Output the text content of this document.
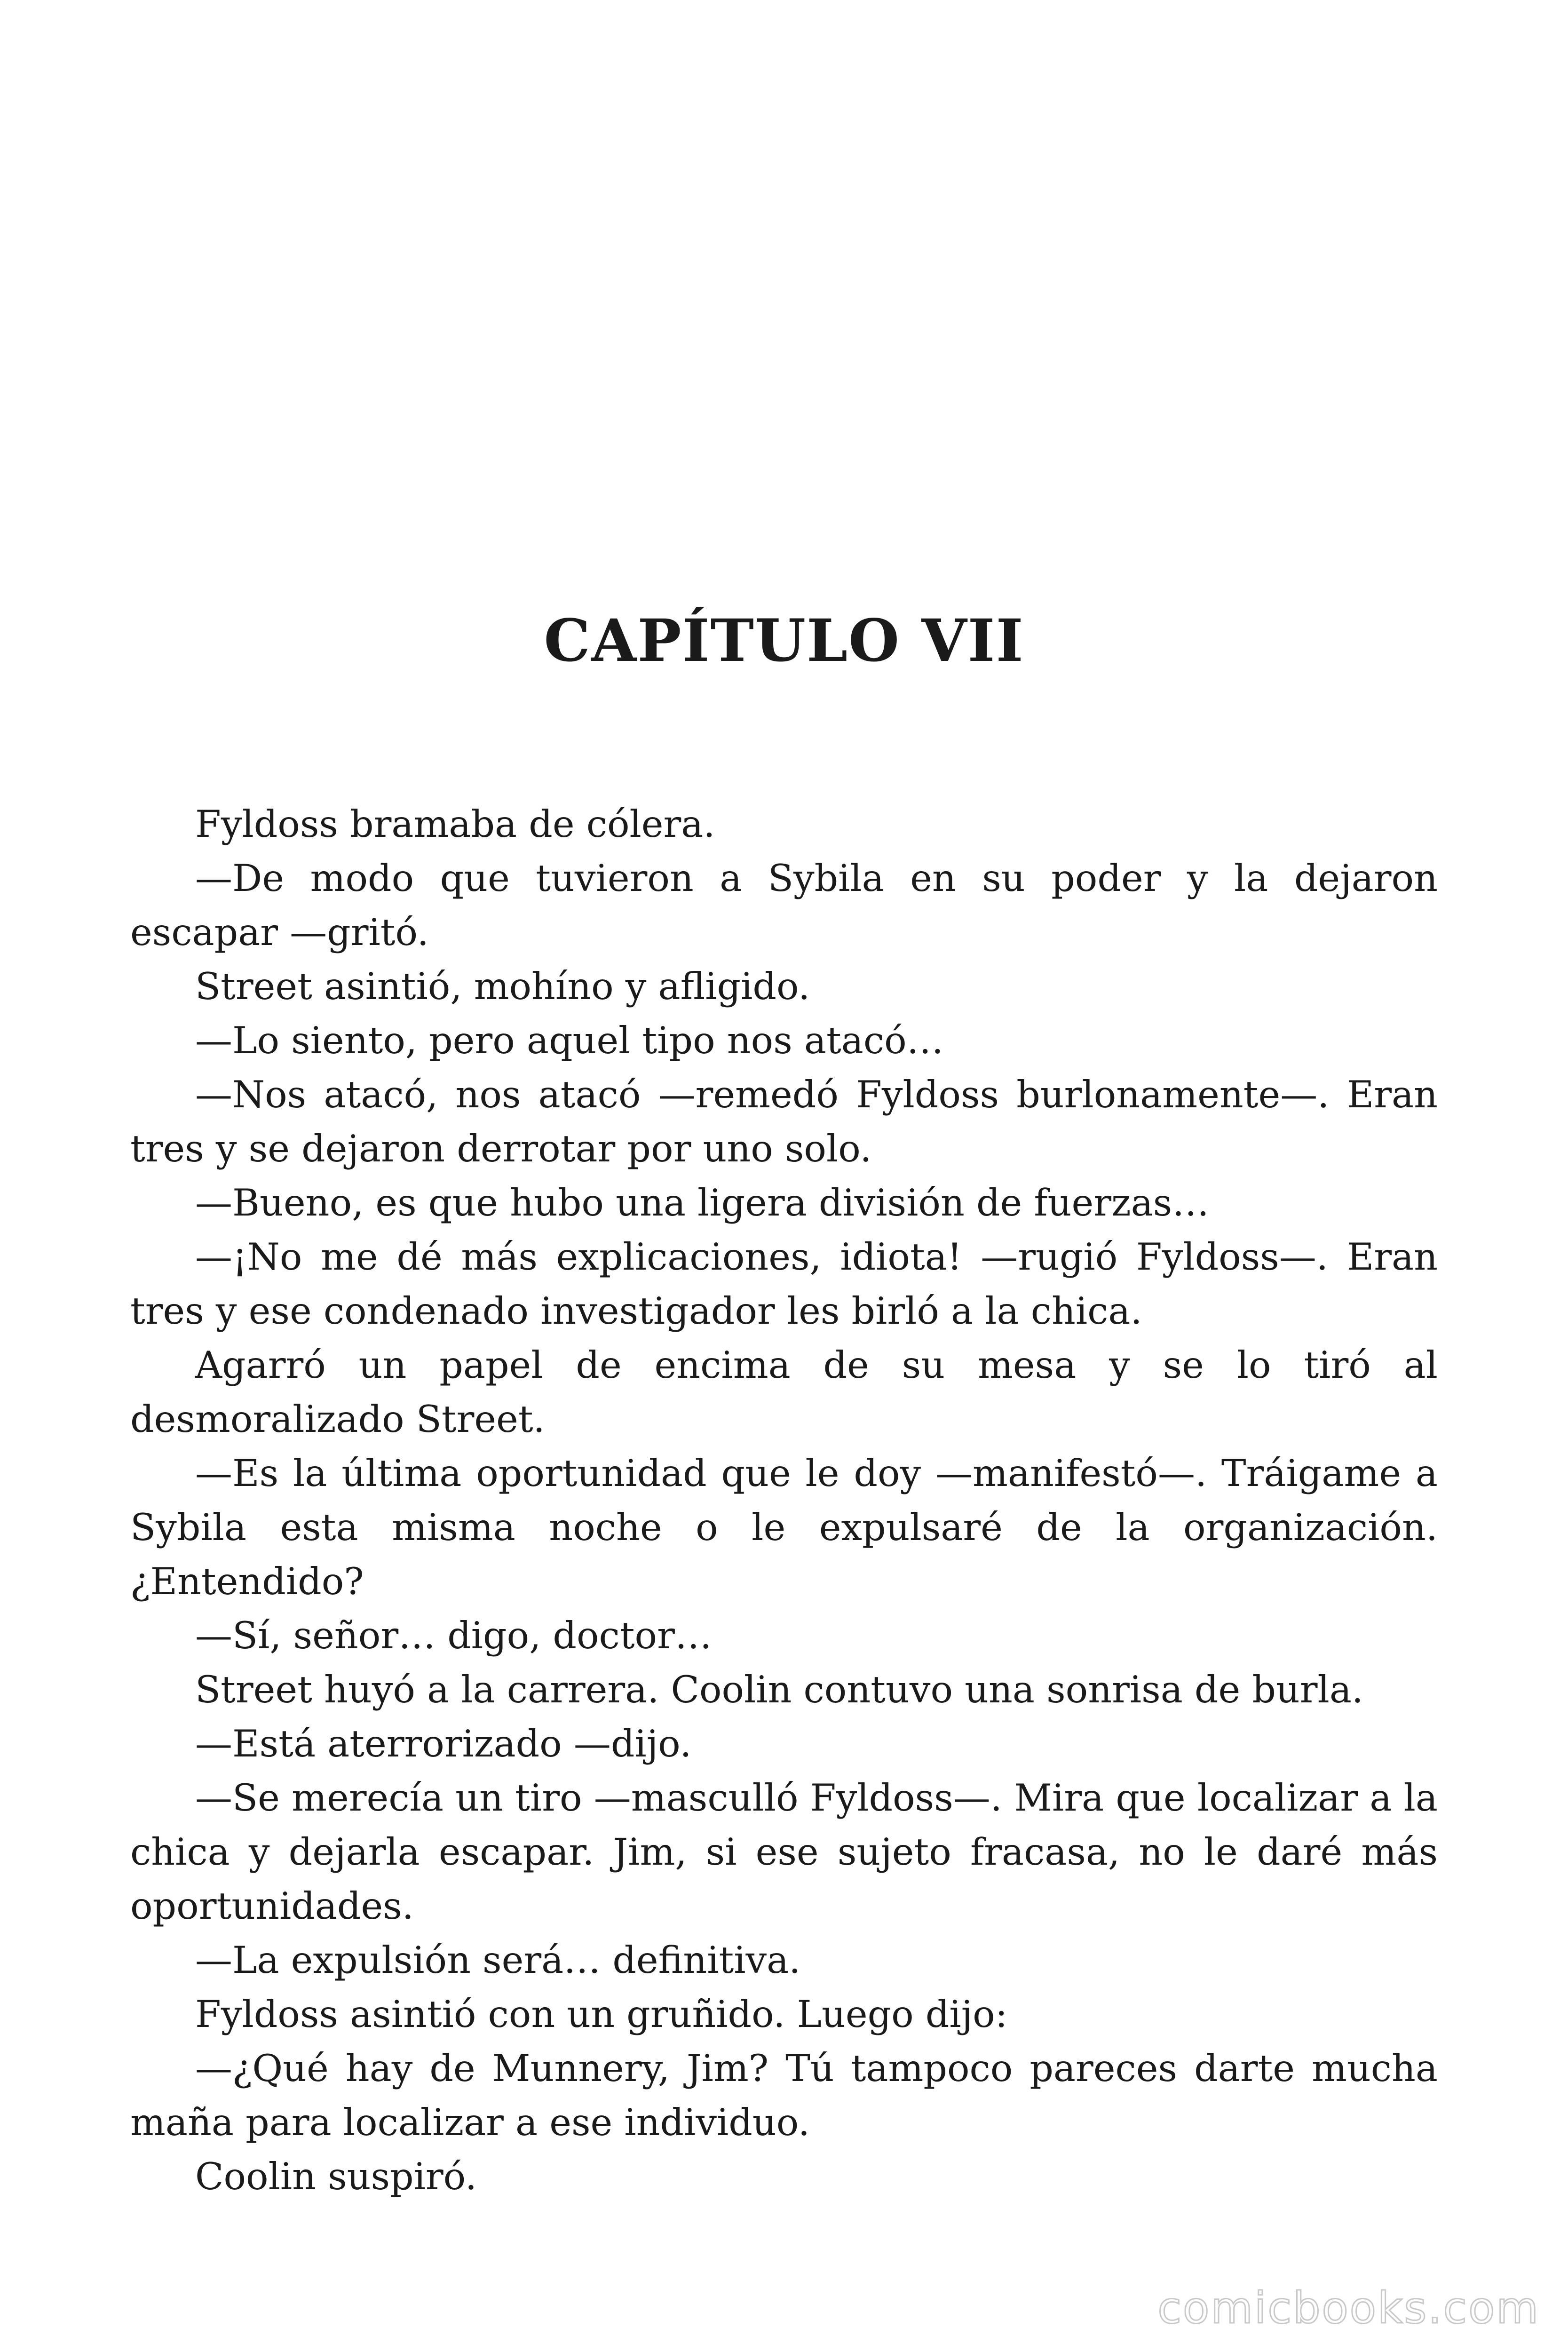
CAPÍTULO VII

Fyldoss bramaba de cólera.

—De modo que tuvieron a Sybila en su poder y la dejaron escapar —gritó.

Street asintió, mohíno y afligido.

—Lo siento, pero aquel tipo nos atacó…

—Nos atacó, nos atacó —remedó Fyldoss burlonamente—. Eran tres y se dejaron derrotar por uno solo.

—Bueno, es que hubo una ligera división de fuerzas…

—¡No me dé más explicaciones, idiota! —rugió Fyldoss—. Eran tres y ese condenado investigador les birló a la chica.

Agarró un papel de encima de su mesa y se lo tiró al desmoralizado Street.

—Es la última oportunidad que le doy —manifestó—. Tráigame a Sybila esta misma noche o le expulsaré de la organización. ¿Entendido?

—Sí, señor… digo, doctor…

Street huyó a la carrera. Coolin contuvo una sonrisa de burla.

—Está aterrorizado —dijo.

—Se merecía un tiro —masculló Fyldoss—. Mira que localizar a la chica y dejarla escapar. Jim, si ese sujeto fracasa, no le daré más oportunidades.

—La expulsión será… definitiva.

Fyldoss asintió con un gruñido. Luego dijo:

—¿Qué hay de Munnery, Jim? Tú tampoco pareces darte mucha maña para localizar a ese individuo.

Coolin suspiró.

comicbooks.com
